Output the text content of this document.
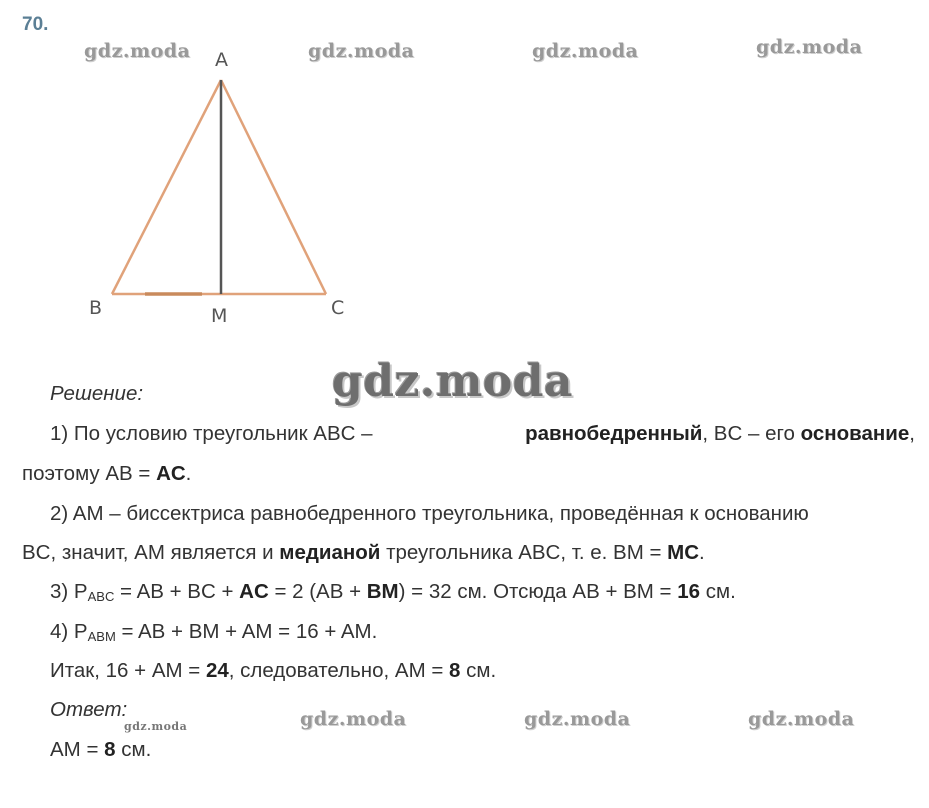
70.
gdz.moda	gdz.moda	gdz.moda	gdz.moda
A
B	C
M
gdz.moda
Решение:
1) По условию треугольник ABC –	равнобедренный, BC – его основание,
поэтому AB = AC.
2) AM – биссектриса равнобедренного треугольника, проведённая к основанию
BC, значит, AM является и медианой треугольника ABC, т. е. BM = MC.
3) $P_{ABC}$ = AB + BC + AC = 2 (AB + BM) = 32 см. Отсюда AB + BM = 16 см.
4) $P_{ABM}$ = AB + BM + AM = 16 + AM.
Итак, 16 + AM = 24, следовательно, AM = 8 см.
Ответ:
AM = 8 см.
gdz.moda	gdz.moda	gdz.moda	gdz.moda
